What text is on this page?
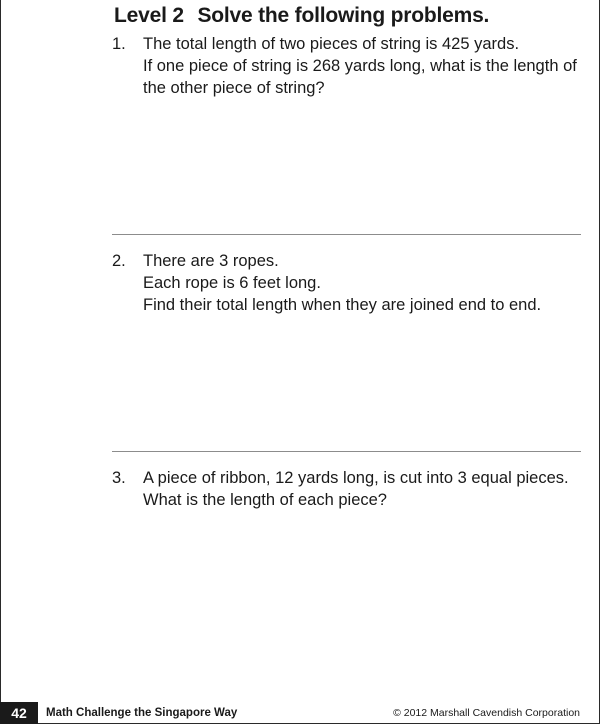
Level 2 Solve the following problems.
1.	The total length of two pieces of string is 425 yards.
If one piece of string is 268 yards long, what is the length of
the other piece of string?
2.	There are 3 ropes.
Each rope is 6 feet long.
Find their total length when they are joined end to end.
3.	A piece of ribbon, 12 yards long, is cut into 3 equal pieces.
What is the length of each piece?
42	Math Challenge the Singapore Way	© 2012 Marshall Cavendish Corporation
